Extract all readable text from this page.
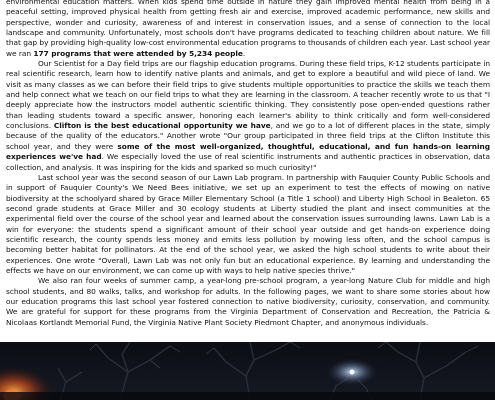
environmental education matters. When kids spend time outside in nature they gain improved mental health from being in a peaceful setting, improved physical health from getting fresh air and exercise, improved academic performance, new skills and perspective, wonder and curiosity, awareness of and interest in conservation issues, and a sense of connection to the local landscape and community. Unfortunately, most schools don't have programs dedicated to teaching children about nature. We fill that gap by providing high-quality low-cost environmental education programs to thousands of children each year. Last school year we ran 177 programs that were attended by 5,234 people.

Our Scientist for a Day field trips are our flagship education programs. During these field trips, K-12 students participate in real scientific research, learn how to identify native plants and animals, and get to explore a beautiful and wild piece of land. We visit as many classes as we can before their field trips to give students multiple opportunities to practice the skills we teach them and help connect what we teach on our field trips to what they are learning in the classroom. A teacher recently wrote to us that "I deeply appreciate how the instructors model authentic scientific thinking. They consistently pose open-ended questions rather than leading students toward a specific answer, honoring each learner's ability to think critically and form well-considered conclusions. Clifton is the best educational opportunity we have, and we go to a lot of different places in the state, simply because of the quality of the educators." Another wrote "Our group participated in three field trips at the Clifton Institute this school year, and they were some of the most well-organized, thoughtful, educational, and fun hands-on learning experiences we've had. We especially loved the use of real scientific instruments and authentic practices in observation, data collection, and analysis. It was inspiring for the kids and sparked so much curiosity!"

Last school year was the second season of our Lawn Lab program. In partnership with Fauquier County Public Schools and in support of Fauquier County's We Need Bees initiative, we set up an experiment to test the effects of mowing on native biodiversity at the schoolyard shared by Grace Miller Elementary School (a Title 1 school) and Liberty High School in Bealeton. 65 second grade students at Grace Miller and 30 ecology students at Liberty studied the plant and insect communities at the experimental field over the course of the school year and learned about the conservation issues surrounding lawns. Lawn Lab is a win for everyone: the students spend a significant amount of their school year outside and get hands-on experience doing scientific research, the county spends less money and emits less pollution by mowing less often, and the school campus is becoming better habitat for pollinators. At the end of the school year, we asked the high school students to write about their experiences. One wrote "Overall, Lawn Lab was not only fun but an educational experience. By learning and understanding the effects we have on our environment, we can come up with ways to help native species thrive."

We also ran four weeks of summer camp, a year-long pre-school program, a year-long Nature Club for middle and high school students, and 80 walks, talks, and workshop for adults. In the following pages, we want to share some stories about how our education programs this last school year fostered connection to native biodiversity, curiosity, conservation, and community. We are grateful for support for these programs from the Virginia Department of Conservation and Recreation, the Patricia & Nicolaas Kortlandt Memorial Fund, the Virginia Native Plant Society Piedmont Chapter, and anonymous individuals.
